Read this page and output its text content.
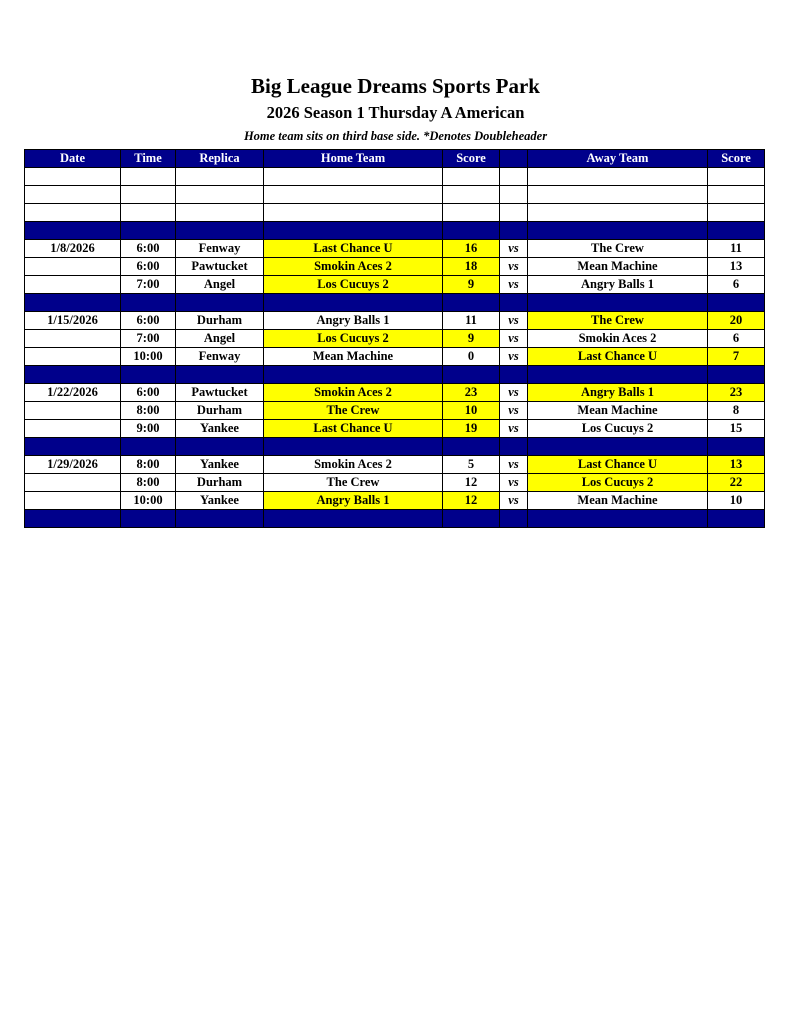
Big League Dreams Sports Park
2026 Season 1 Thursday A American
Home team sits on third base side. *Denotes Doubleheader
Date	Time	Replica	Home Team	Score		Away Team	Score

1/8/2026	6:00	Fenway	Last Chance U	16	vs	The Crew	11
	6:00	Pawtucket	Smokin Aces 2	18	vs	Mean Machine	13
	7:00	Angel	Los Cucuys 2	9	vs	Angry Balls 1	6

1/15/2026	6:00	Durham	Angry Balls 1	11	vs	The Crew	20
	7:00	Angel	Los Cucuys 2	9	vs	Smokin Aces 2	6
	10:00	Fenway	Mean Machine	0	vs	Last Chance U	7

1/22/2026	6:00	Pawtucket	Smokin Aces 2	23	vs	Angry Balls 1	23
	8:00	Durham	The Crew	10	vs	Mean Machine	8
	9:00	Yankee	Last Chance U	19	vs	Los Cucuys 2	15

1/29/2026	8:00	Yankee	Smokin Aces 2	5	vs	Last Chance U	13
	8:00	Durham	The Crew	12	vs	Los Cucuys 2	22
	10:00	Yankee	Angry Balls 1	12	vs	Mean Machine	10
